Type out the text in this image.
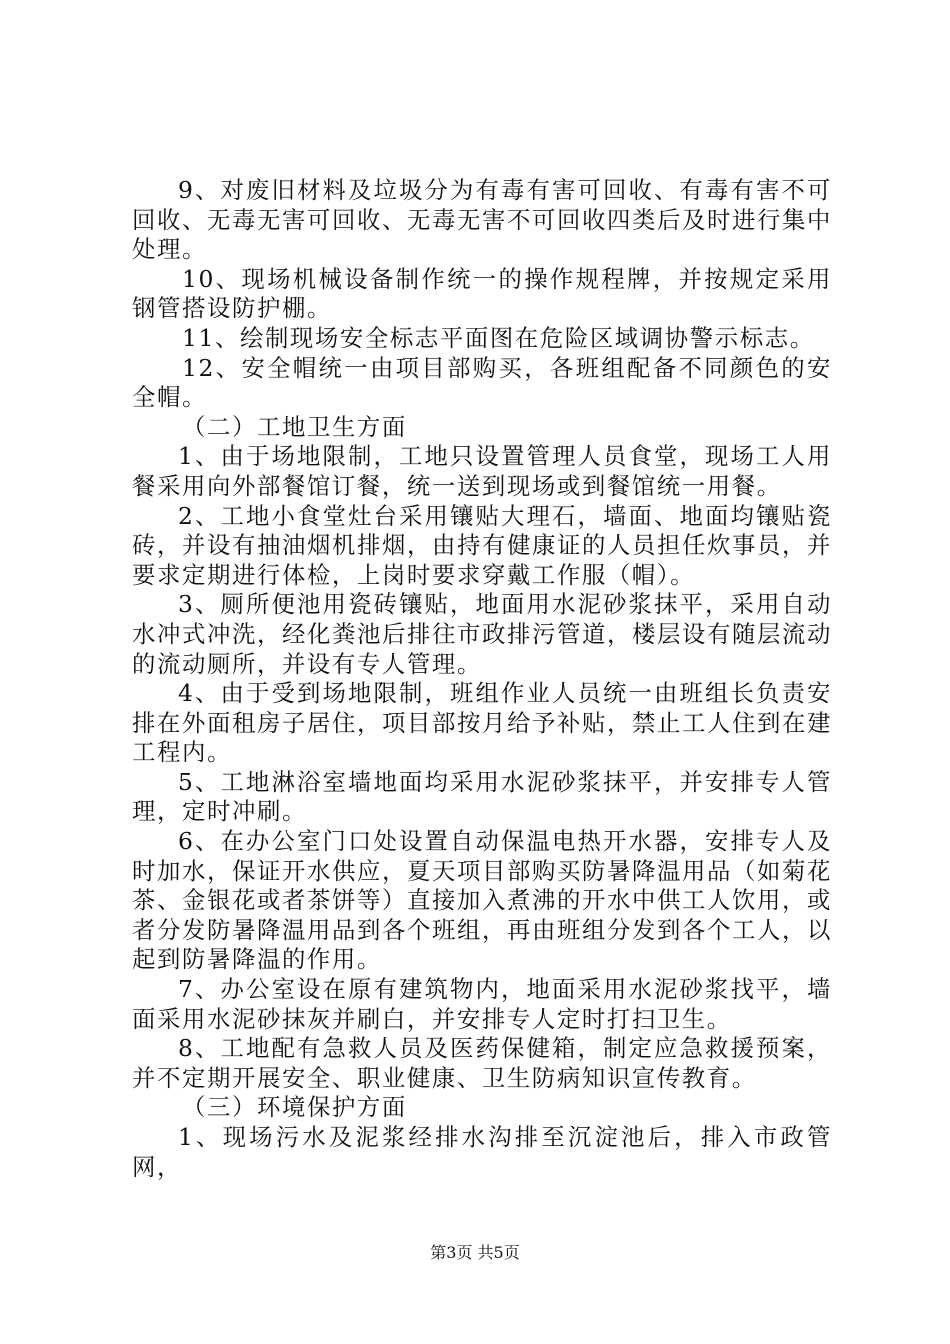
9、对废旧材料及垃圾分为有毒有害可回收、有毒有害不可回收、无毒无害可回收、无毒无害不可回收四类后及时进行集中处理。

10、现场机械设备制作统一的操作规程牌，并按规定采用钢管搭设防护棚。

11、绘制现场安全标志平面图在危险区域调协警示标志。

12、安全帽统一由项目部购买，各班组配备不同颜色的安全帽。

（二）工地卫生方面

1、由于场地限制，工地只设置管理人员食堂，现场工人用餐采用向外部餐馆订餐，统一送到现场或到餐馆统一用餐。

2、工地小食堂灶台采用镶贴大理石，墙面、地面均镶贴瓷砖，并设有抽油烟机排烟，由持有健康证的人员担任炊事员，并要求定期进行体检，上岗时要求穿戴工作服（帽）。

3、厕所便池用瓷砖镶贴，地面用水泥砂浆抹平，采用自动水冲式冲洗，经化粪池后排往市政排污管道，楼层设有随层流动的流动厕所，并设有专人管理。

4、由于受到场地限制，班组作业人员统一由班组长负责安排在外面租房子居住，项目部按月给予补贴，禁止工人住到在建工程内。

5、工地淋浴室墙地面均采用水泥砂浆抹平，并安排专人管理，定时冲刷。

6、在办公室门口处设置自动保温电热开水器，安排专人及时加水，保证开水供应，夏天项目部购买防暑降温用品（如菊花茶、金银花或者茶饼等）直接加入煮沸的开水中供工人饮用，或者分发防暑降温用品到各个班组，再由班组分发到各个工人，以起到防暑降温的作用。

7、办公室设在原有建筑物内，地面采用水泥砂浆找平，墙面采用水泥砂抹灰并刷白，并安排专人定时打扫卫生。

8、工地配有急救人员及医药保健箱，制定应急救援预案，并不定期开展安全、职业健康、卫生防病知识宣传教育。

（三）环境保护方面

1、现场污水及泥浆经排水沟排至沉淀池后，排入市政管网，

第3页 共5页
